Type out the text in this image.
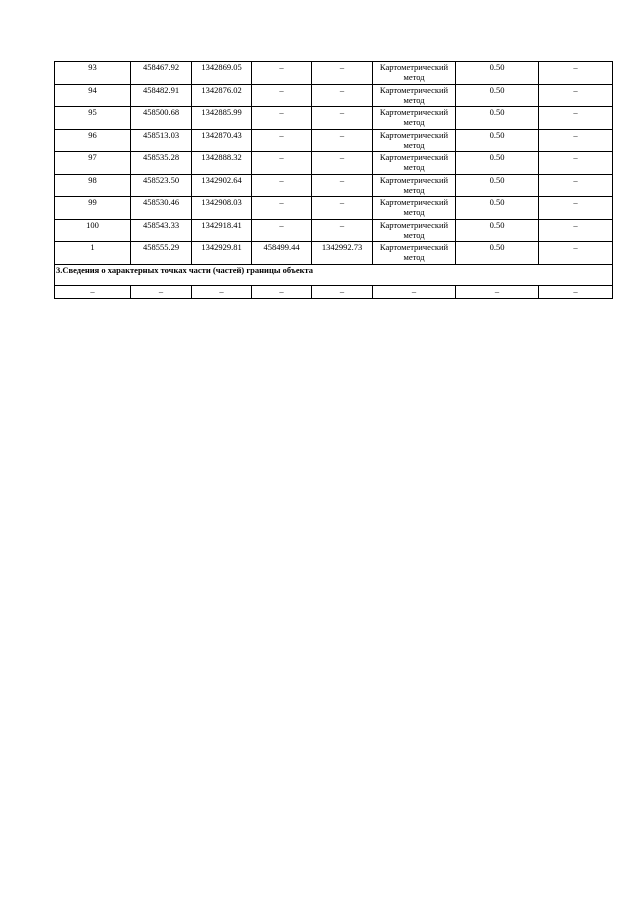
93	458467.92	1342869.05	–	–	Картометрический метод	0.50	–
94	458482.91	1342876.02	–	–	Картометрический метод	0.50	–
95	458500.68	1342885.99	–	–	Картометрический метод	0.50	–
96	458513.03	1342870.43	–	–	Картометрический метод	0.50	–
97	458535.28	1342888.32	–	–	Картометрический метод	0.50	–
98	458523.50	1342902.64	–	–	Картометрический метод	0.50	–
99	458530.46	1342908.03	–	–	Картометрический метод	0.50	–
100	458543.33	1342918.41	–	–	Картометрический метод	0.50	–
1	458555.29	1342929.81	458499.44	1342992.73	Картометрический метод	0.50	–
3.Сведения о характерных точках части (частей) границы объекта							
–	–	–	–	–	–	–	–
